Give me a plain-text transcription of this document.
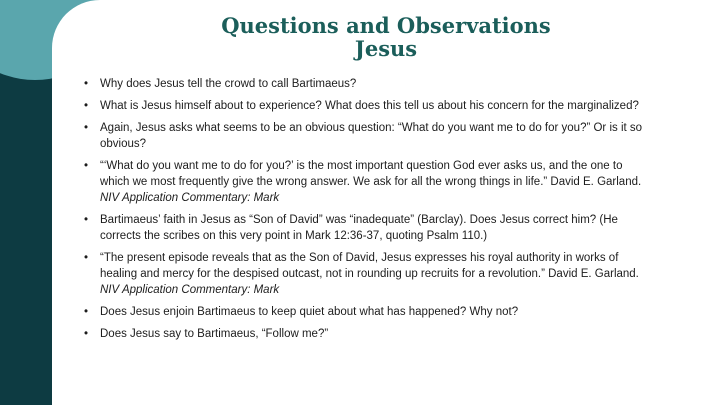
Questions and Observations
Jesus
• Why does Jesus tell the crowd to call Bartimaeus?
• What is Jesus himself about to experience? What does this tell us about his concern for the marginalized?
• Again, Jesus asks what seems to be an obvious question: “What do you want me to do for you?” Or is it so obvious?
• “‘What do you want me to do for you?’ is the most important question God ever asks us, and the one to which we most frequently give the wrong answer. We ask for all the wrong things in life.” David E. Garland. NIV Application Commentary: Mark
• Bartimaeus’ faith in Jesus as “Son of David” was “inadequate” (Barclay). Does Jesus correct him? (He corrects the scribes on this very point in Mark 12:36-37, quoting Psalm 110.)
• “The present episode reveals that as the Son of David, Jesus expresses his royal authority in works of healing and mercy for the despised outcast, not in rounding up recruits for a revolution.” David E. Garland. NIV Application Commentary: Mark
• Does Jesus enjoin Bartimaeus to keep quiet about what has happened? Why not?
• Does Jesus say to Bartimaeus, “Follow me?”
11
